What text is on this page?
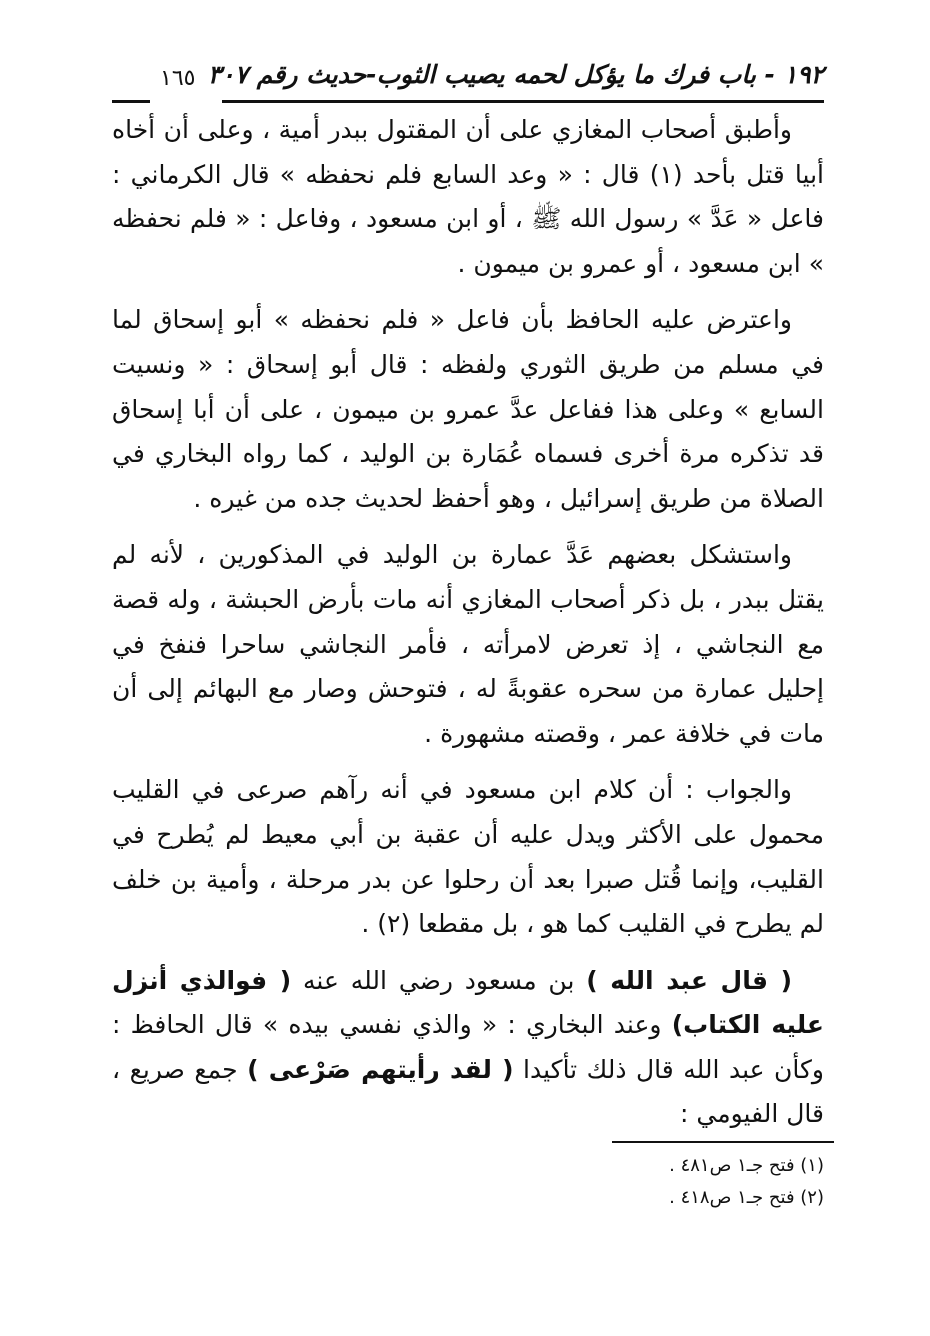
١٩٢ - باب فرك ما يؤكل لحمه يصيب الثوب-حديث رقم ٣٠٧
١٦٥

وأطبق أصحاب المغازي على أن المقتول ببدر أمية ، وعلى أن أخاه أبيا قتل بأحد (١) قال : « وعد السابع فلم نحفظه » قال الكرماني : فاعل « عَدَّ » رسول الله ﷺ ، أو ابن مسعود ، وفاعل : « فلم نحفظه » ابن مسعود ، أو عمرو بن ميمون .

واعترض عليه الحافظ بأن فاعل « فلم نحفظه » أبو إسحاق لما في مسلم من طريق الثوري ولفظه : قال أبو إسحاق : « ونسيت السابع » وعلى هذا ففاعل عدَّ عمرو بن ميمون ، على أن أبا إسحاق قد تذكره مرة أخرى فسماه عُمَارة بن الوليد ، كما رواه البخاري في الصلاة من طريق إسرائيل ، وهو أحفظ لحديث جده من غيره .

واستشكل بعضهم عَدَّ عمارة بن الوليد في المذكورين ، لأنه لم يقتل ببدر ، بل ذكر أصحاب المغازي أنه مات بأرض الحبشة ، وله قصة مع النجاشي ، إذ تعرض لامرأته ، فأمر النجاشي ساحرا فنفخ في إحليل عمارة من سحره عقوبةً له ، فتوحش وصار مع البهائم إلى أن مات في خلافة عمر ، وقصته مشهورة .

والجواب : أن كلام ابن مسعود في أنه رآهم صرعى في القليب محمول على الأكثر ويدل عليه أن عقبة بن أبي معيط لم يُطرح في القليب، وإنما قُتل صبرا بعد أن رحلوا عن بدر مرحلة ، وأمية بن خلف لم يطرح في القليب كما هو ، بل مقطعا (٢) .

( قال عبد الله ) بن مسعود رضي الله عنه ( فوالذي أنزل عليه الكتاب) وعند البخاري : « والذي نفسي بيده » قال الحافظ : وكأن عبد الله قال ذلك تأكيدا ( لقد رأيتهم صَرْعى ) جمع صريع ، قال الفيومي :

(١) فتح جـ١ ص٤٨١ .
(٢) فتح جـ١ ص٤١٨ .
